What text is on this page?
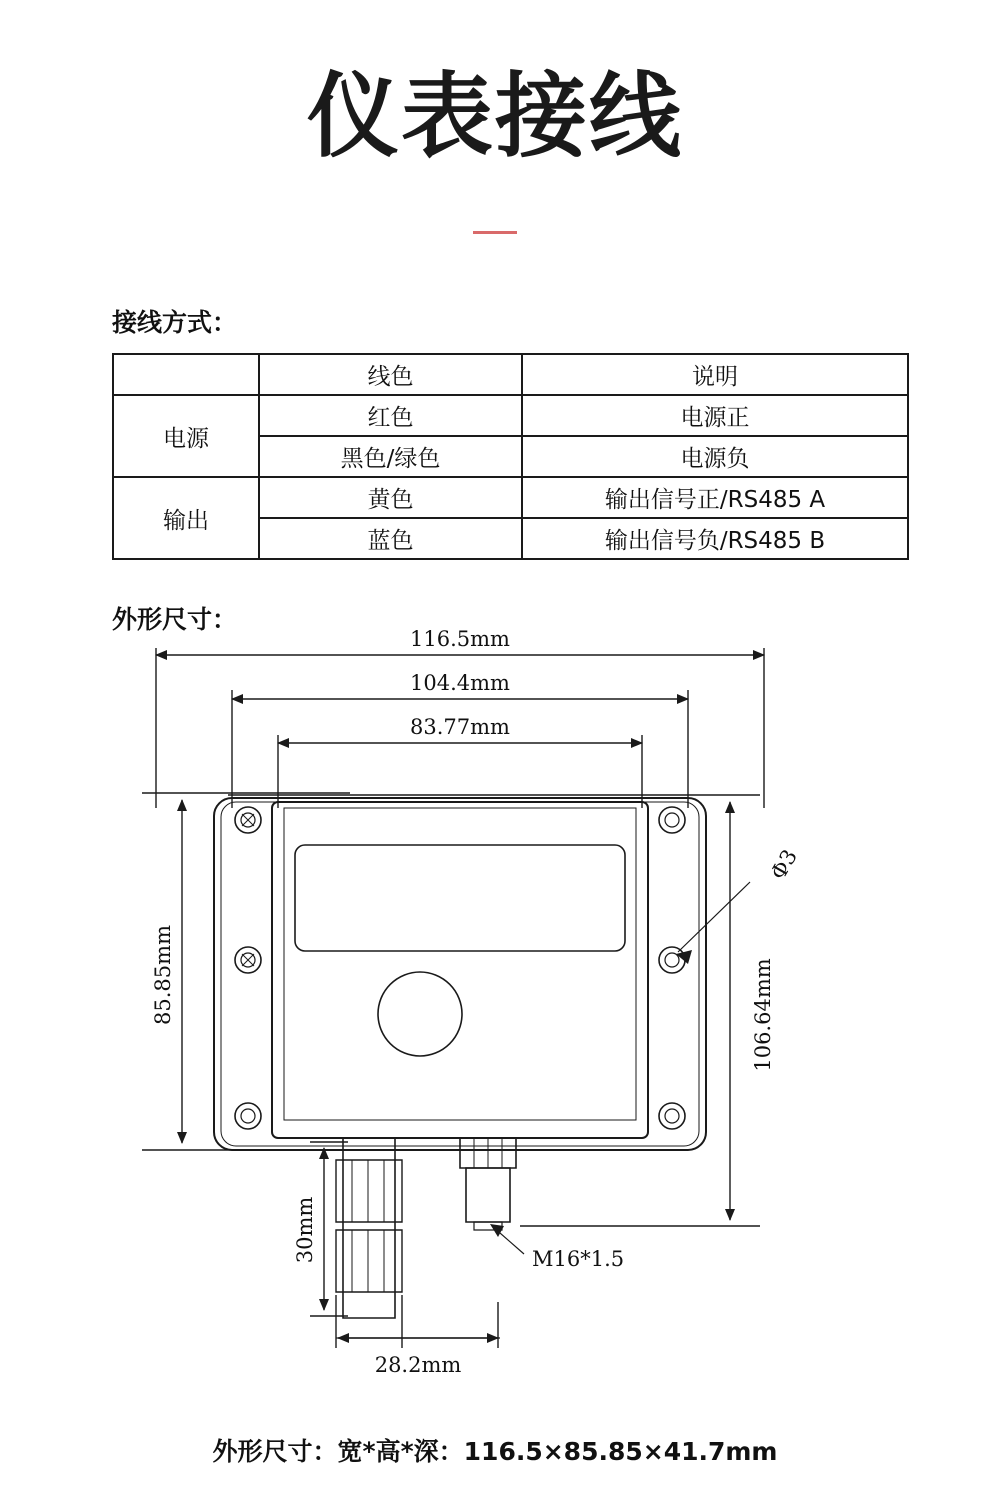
仪表接线
接线方式：
	线色	说明
电源	红色	电源正
	黑色/绿色	电源负
输出	黄色	输出信号正/RS485 A
	蓝色	输出信号负/RS485 B
外形尺寸：
116.5mm
104.4mm
83.77mm
85.85mm	106.64mm
30mm
28.2mm
Φ3
M16*1.5
外形尺寸：宽*高*深：116.5×85.85×41.7mm
